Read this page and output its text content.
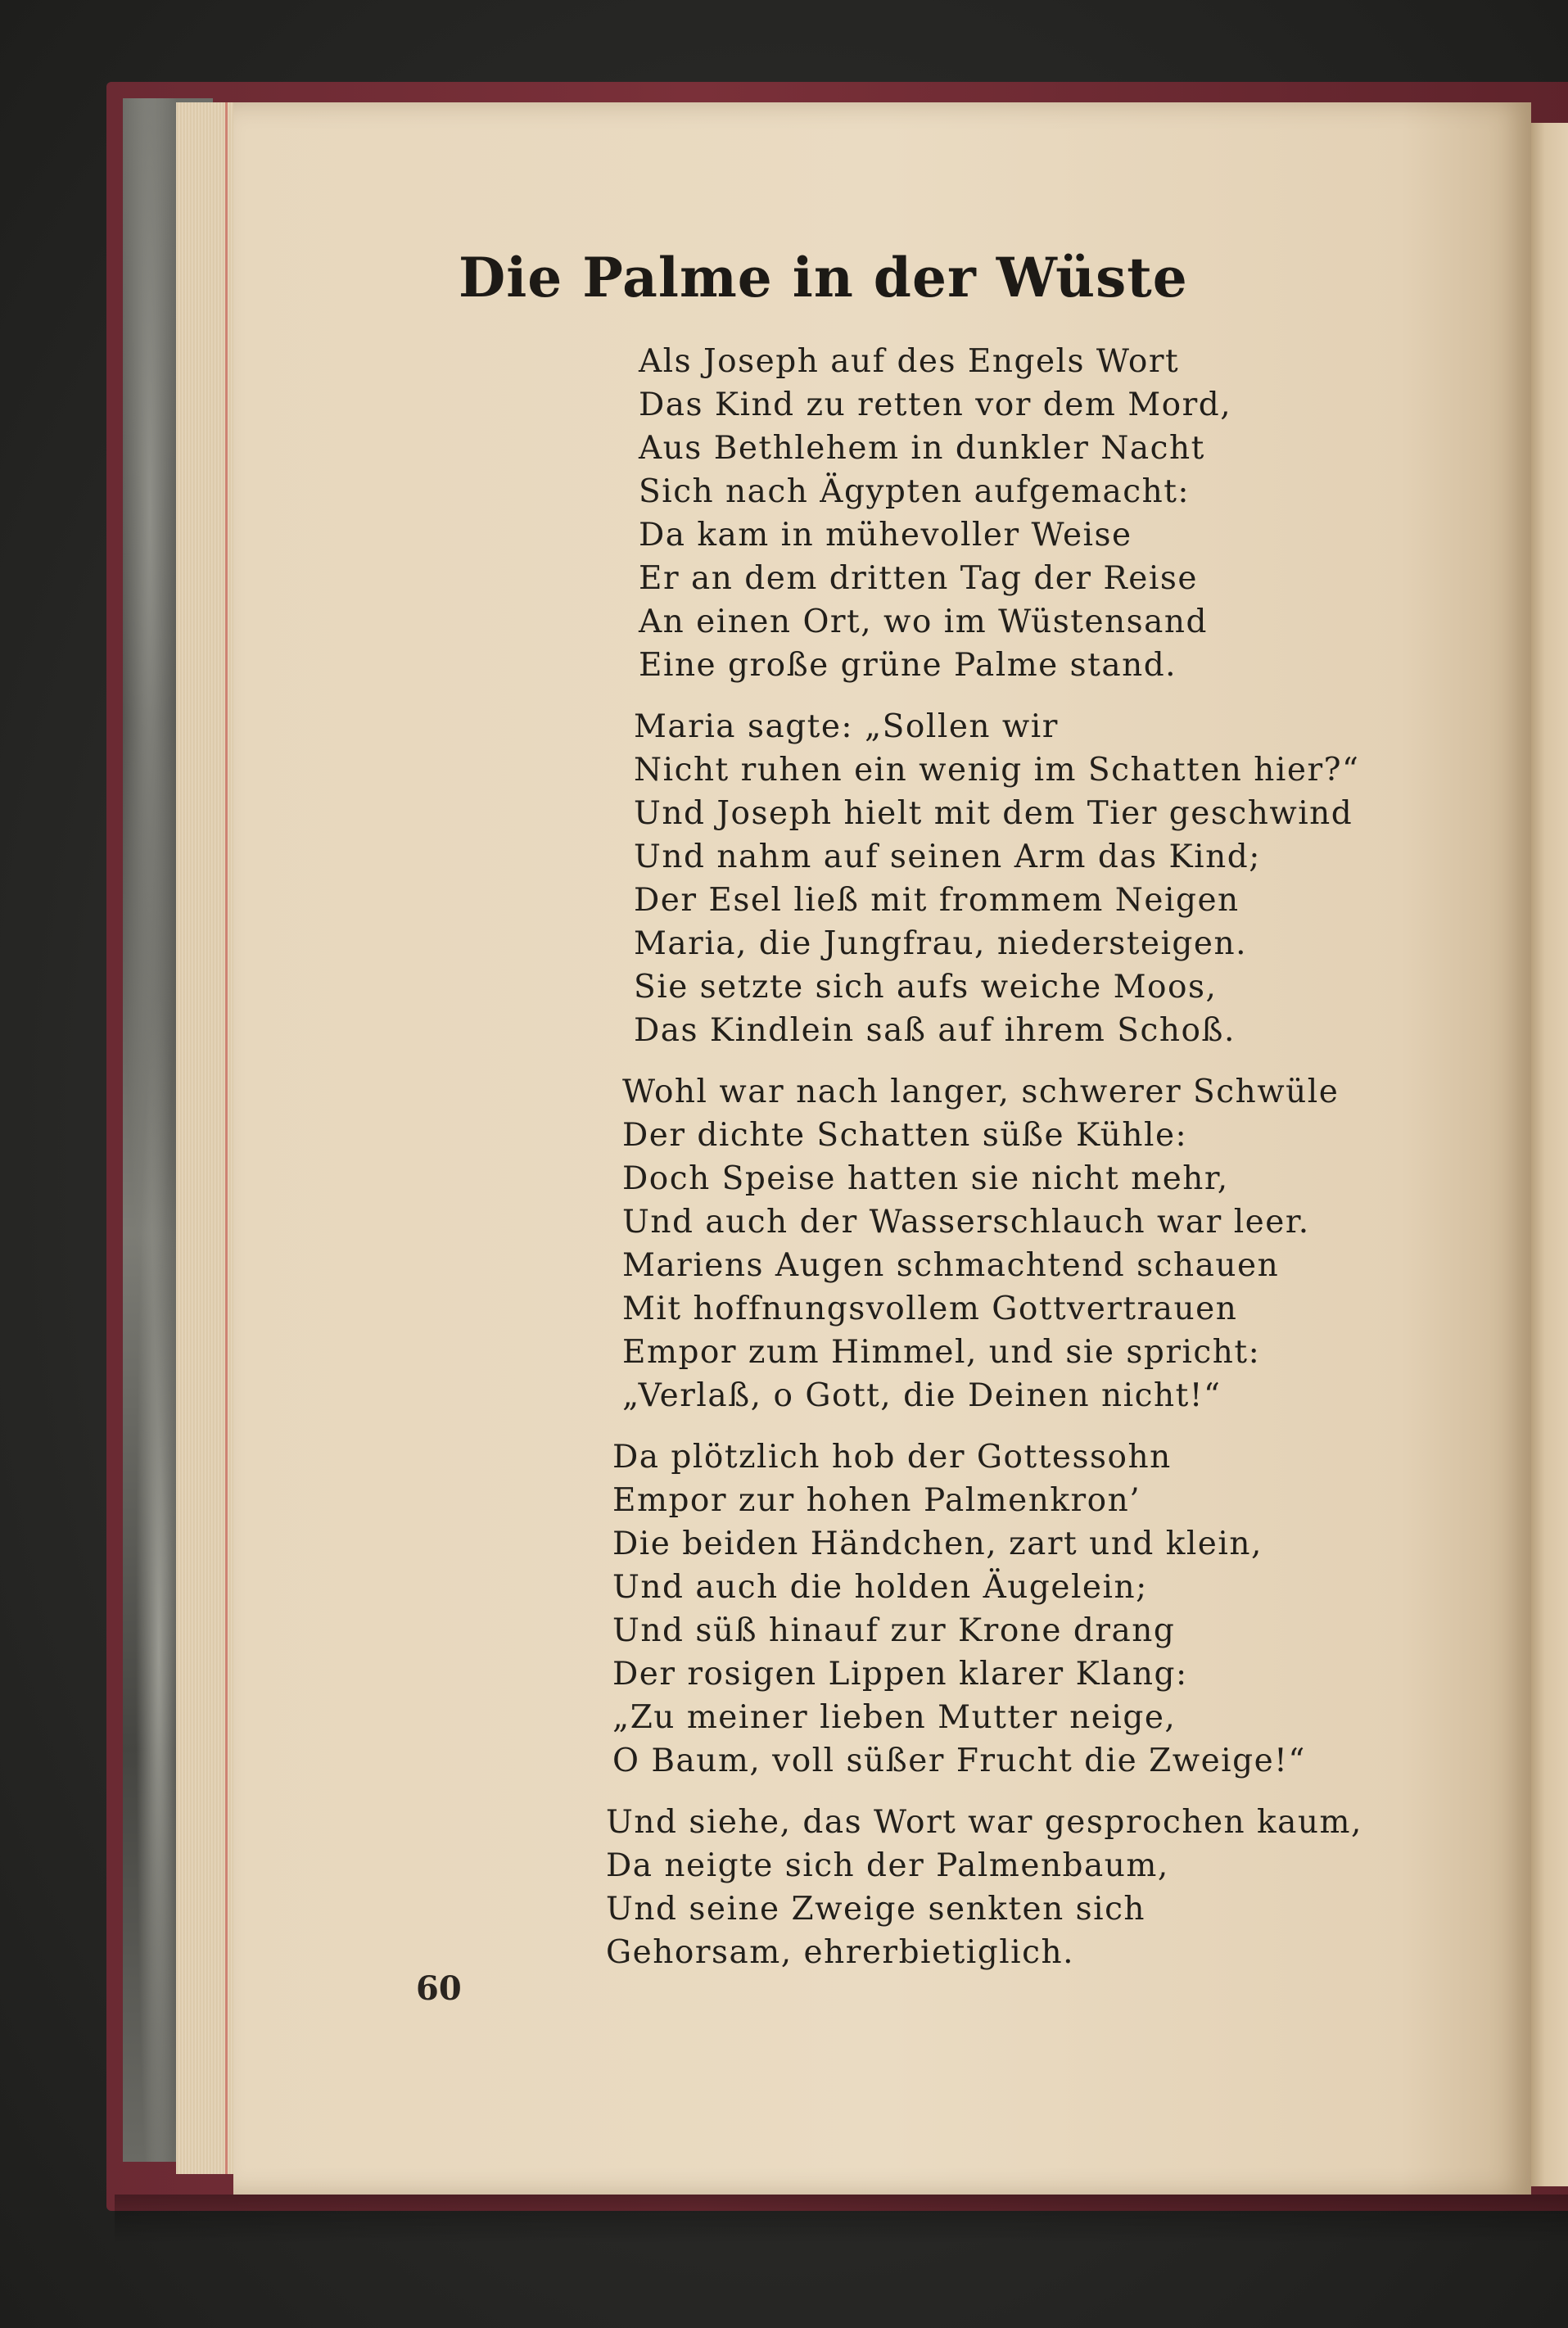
Die Palme in der Wüste
Als Joseph auf des Engels Wort
Das Kind zu retten vor dem Mord,
Aus Bethlehem in dunkler Nacht
Sich nach Ägypten aufgemacht:
Da kam in mühevoller Weise
Er an dem dritten Tag der Reise
An einen Ort, wo im Wüstensand
Eine große grüne Palme stand.
Maria sagte: „Sollen wir
Nicht ruhen ein wenig im Schatten hier?“
Und Joseph hielt mit dem Tier geschwind
Und nahm auf seinen Arm das Kind;
Der Esel ließ mit frommem Neigen
Maria, die Jungfrau, niedersteigen.
Sie setzte sich aufs weiche Moos,
Das Kindlein saß auf ihrem Schoß.
Wohl war nach langer, schwerer Schwüle
Der dichte Schatten süße Kühle:
Doch Speise hatten sie nicht mehr,
Und auch der Wasserschlauch war leer.
Mariens Augen schmachtend schauen
Mit hoffnungsvollem Gottvertrauen
Empor zum Himmel, und sie spricht:
„Verlaß, o Gott, die Deinen nicht!“
Da plötzlich hob der Gottessohn
Empor zur hohen Palmenkron’
Die beiden Händchen, zart und klein,
Und auch die holden Äugelein;
Und süß hinauf zur Krone drang
Der rosigen Lippen klarer Klang:
„Zu meiner lieben Mutter neige,
O Baum, voll süßer Frucht die Zweige!“
Und siehe, das Wort war gesprochen kaum,
Da neigte sich der Palmenbaum,
Und seine Zweige senkten sich
Gehorsam, ehrerbietiglich.
60
